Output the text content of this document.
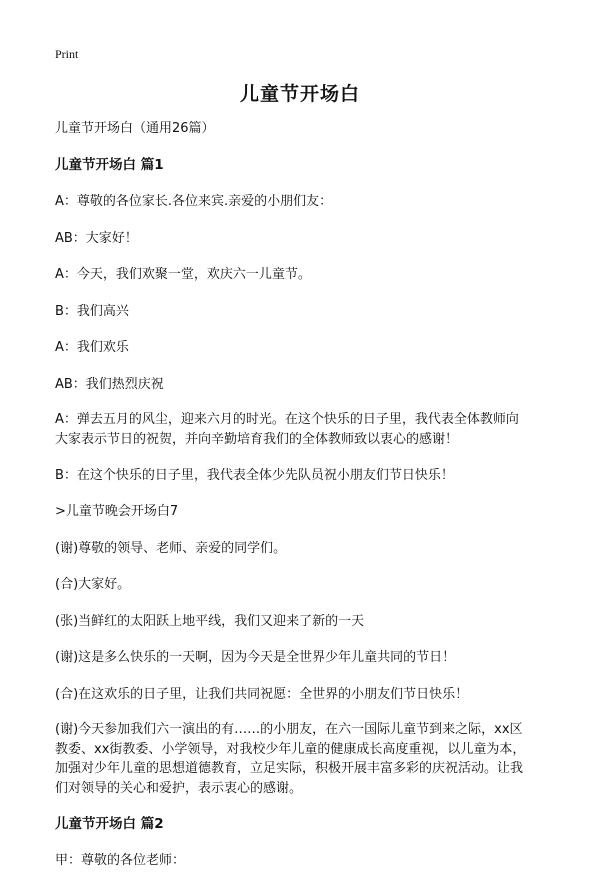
Print
儿童节开场白
儿童节开场白（通用26篇）
儿童节开场白 篇1
A：尊敬的各位家长.各位来宾.亲爱的小朋们友：
AB：大家好！
A：今天，我们欢聚一堂，欢庆六一儿童节。
B：我们高兴
A：我们欢乐
AB：我们热烈庆祝
A：弹去五月的风尘，迎来六月的时光。在这个快乐的日子里，我代表全体教师向
大家表示节日的祝贺，并向辛勤培育我们的全体教师致以衷心的感谢！
B：在这个快乐的日子里，我代表全体少先队员祝小朋友们节日快乐！
>儿童节晚会开场白7
(谢)尊敬的领导、老师、亲爱的同学们。
(合)大家好。
(张)当鲜红的太阳跃上地平线，我们又迎来了新的一天
(谢)这是多么快乐的一天啊，因为今天是全世界少年儿童共同的节日！
(合)在这欢乐的日子里，让我们共同祝愿：全世界的小朋友们节日快乐！
(谢)今天参加我们六一演出的有……的小朋友，在六一国际儿童节到来之际，xx区
教委、xx街教委、小学领导，对我校少年儿童的健康成长高度重视，以儿童为本，
加强对少年儿童的思想道德教育，立足实际，积极开展丰富多彩的庆祝活动。让我
们对领导的关心和爱护，表示衷心的感谢。
儿童节开场白 篇2
甲：尊敬的各位老师：
